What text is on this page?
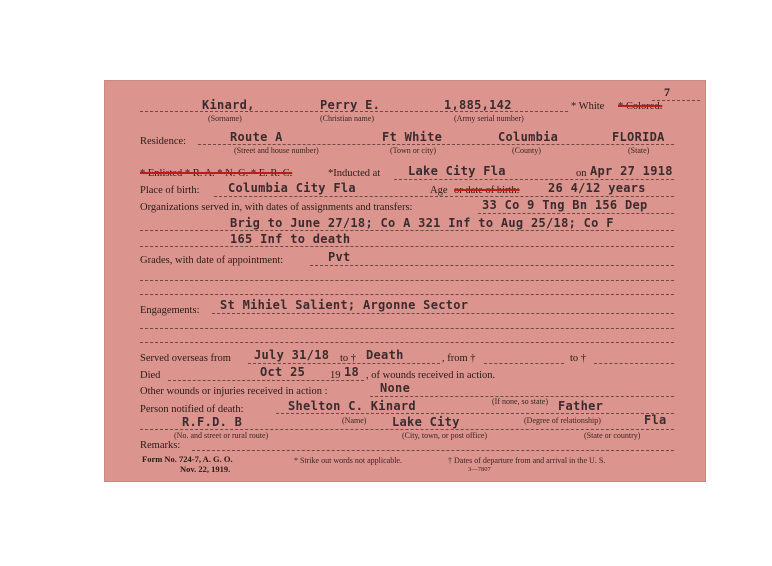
7
Kinard,	Perry E.	1,885,142	* White * Colored.
(Sorname)	(Christian name)	(Army serial number)
Residence:	Route A	Ft White	Columbia	FLORIDA
(Street and house number)	(Town or city)	(County)	(State)
* Enlisted * R. A. * N. G. * E. R. C.	*Inducted at Lake City Fla	on Apr 27 1918
Place of birth: Columbia City Fla	Age or date of birth: 26 4/12 years
Organizations served in, with dates of assignments and transfers:	33 Co 9 Tng Bn 156 Dep
Brig to June 27/18; Co A 321 Inf to Aug 25/18; Co F
165 Inf to death
Grades, with date of appointment:	Pvt
Engagements: St Mihiel Salient; Argonne Sector
Served overseas from July 31/18 to † Death	, from †	to †
Died	Oct 25 19 18 , of wounds received in action.
Other wounds or injuries received in action :	None
(If none, so state)
Person notified of death:	Shelton C. Kinard	Father
R.F.D. B	Lake City	Fla
(Name)	(Degree of relationship)
(No. and street or rural route)	(City, town, or post office)	(State or country)
Remarks:
Form No. 724-7, A. G. O.
Nov. 22, 1919.
* Strike out words not applicable.	† Dates of departure from and arrival in the U. S.
3—7807
